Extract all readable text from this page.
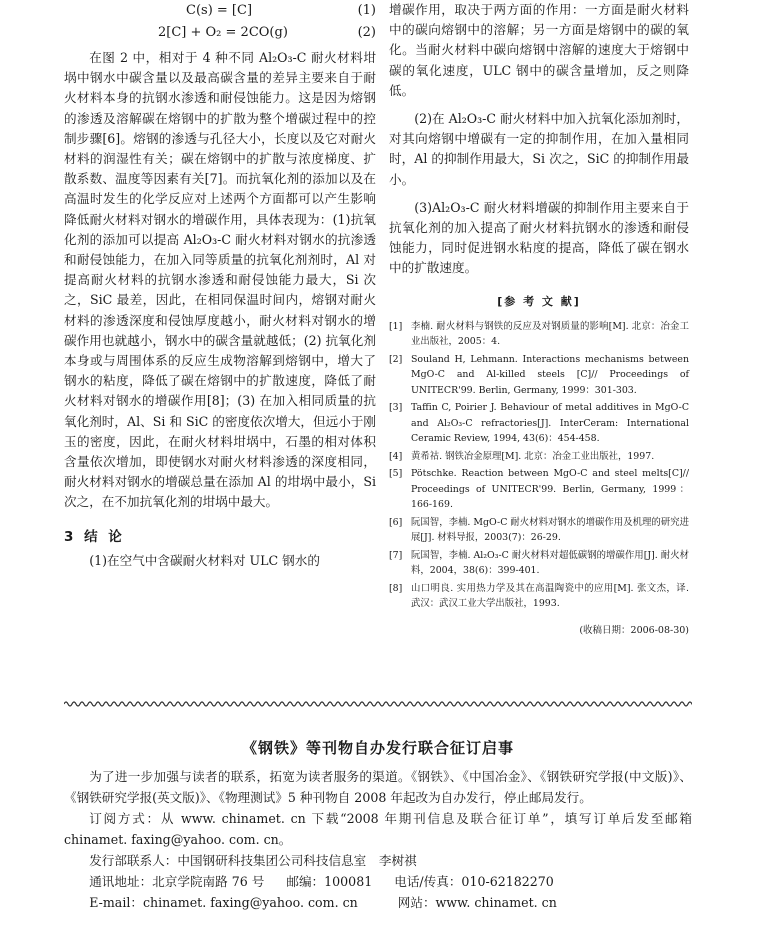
C(s) = [C]	(1)
2[C] + O₂ = 2CO(g)	(2)

在图 2 中，相对于 4 种不同 Al₂O₃-C 耐火材料坩埚中钢水中碳含量以及最高碳含量的差异主要来自于耐火材料本身的抗钢水渗透和耐侵蚀能力。这是因为熔钢的渗透及溶解碳在熔钢中的扩散为整个增碳过程中的控制步骤[6]。熔钢的渗透与孔径大小，长度以及它对耐火材料的润湿性有关；碳在熔钢中的扩散与浓度梯度、扩散系数、温度等因素有关[7]。而抗氧化剂的添加以及在高温时发生的化学反应对上述两个方面都可以产生影响降低耐火材料对钢水的增碳作用，具体表现为：(1)抗氧化剂的添加可以提高 Al₂O₃-C 耐火材料对钢水的抗渗透和耐侵蚀能力，在加入同等质量的抗氧化剂剂时，Al 对提高耐火材料的抗钢水渗透和耐侵蚀能力最大，Si 次之，SiC 最差，因此，在相同保温时间内，熔钢对耐火材料的渗透深度和侵蚀厚度越小，耐火材料对钢水的增碳作用也就越小，钢水中的碳含量就越低；(2) 抗氧化剂本身或与周围体系的反应生成物溶解到熔钢中，增大了钢水的粘度，降低了碳在熔钢中的扩散速度，降低了耐火材料对钢水的增碳作用[8]；(3) 在加入相同质量的抗氧化剂时，Al、Si 和 SiC 的密度依次增大，但远小于刚玉的密度，因此，在耐火材料坩埚中，石墨的相对体积含量依次增加，即使钢水对耐火材料渗透的深度相同，耐火材料对钢水的增碳总量在添加 Al 的坩埚中最小，Si 次之，在不加抗氧化剂的坩埚中最大。

3 结 论

(1)在空气中含碳耐火材料对 ULC 钢水的

增碳作用，取决于两方面的作用：一方面是耐火材料中的碳向熔钢中的溶解；另一方面是熔钢中的碳的氧化。当耐火材料中碳向熔钢中溶解的速度大于熔钢中碳的氧化速度，ULC 钢中的碳含量增加，反之则降低。

(2)在 Al₂O₃-C 耐火材料中加入抗氧化添加剂时，对其向熔钢中增碳有一定的抑制作用，在加入量相同时，Al 的抑制作用最大，Si 次之，SiC 的抑制作用最小。

(3)Al₂O₃-C 耐火材料增碳的抑制作用主要来自于抗氧化剂的加入提高了耐火材料抗钢水的渗透和耐侵蚀能力，同时促进钢水粘度的提高，降低了碳在钢水中的扩散速度。

[参 考 文 献]
[1] 李楠. 耐火材料与钢铁的反应及对钢质量的影响[M]. 北京：冶金工业出版社，2005：4.
[2] Souland H, Lehmann. Interactions mechanisms between MgO-C and Al-killed steels [C]// Proceedings of UNITECR'99. Berlin, Germany, 1999：301-303.
[3] Taffin C, Poirier J. Behaviour of metal additives in MgO-C and Al₂O₃-C refractories[J]. InterCeram: International Ceramic Review, 1994, 43(6)：454-458.
[4] 黄希祜. 钢铁冶金原理[M]. 北京：冶金工业出版社，1997.
[5] Pötschke. Reaction between MgO-C and steel melts[C]// Proceedings of UNITECR'99. Berlin, Germany, 1999：166-169.
[6] 阮国智，李楠. MgO-C 耐火材料对钢水的增碳作用及机理的研究进展[J]. 材料导报，2003(7)：26-29.
[7] 阮国智，李楠. Al₂O₃-C 耐火材料对超低碳钢的增碳作用[J]. 耐火材料，2004，38(6)：399-401.
[8] 山口明良. 实用热力学及其在高温陶瓷中的应用[M]. 张文杰，译. 武汉：武汉工业大学出版社，1993.
(收稿日期：2006-08-30)
《钢铁》等刊物自办发行联合征订启事

为了进一步加强与读者的联系，拓宽为读者服务的渠道。《钢铁》、《中国冶金》、《钢铁研究学报(中文版)》、《钢铁研究学报(英文版)》、《物理测试》5 种刊物自 2008 年起改为自办发行，停止邮局发行。

订阅方式：从 www. chinamet. cn 下载“2008 年期刊信息及联合征订单”，填写订单后发至邮箱 chinamet. faxing@yahoo. com. cn。

发行部联系人：中国钢研科技集团公司科技信息室　李树祺

通讯地址：北京学院南路 76 号 邮编：100081 电话/传真：010-62182270
E-mail：chinamet. faxing@yahoo. com. cn	网站：www. chinamet. cn
